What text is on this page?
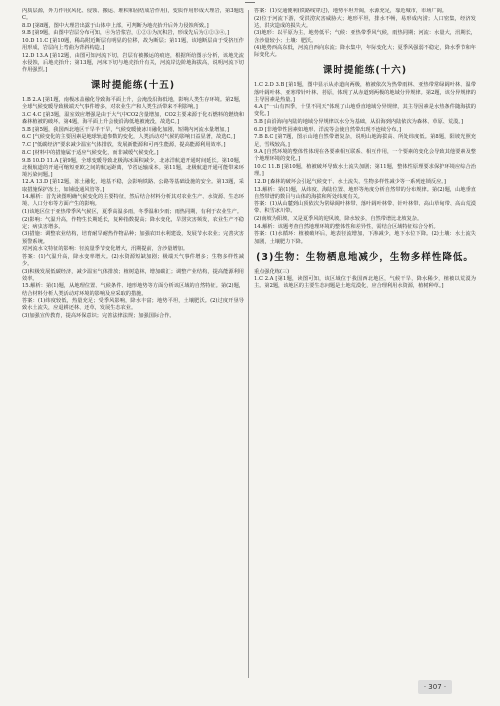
内质层源，外力作用(风化、侵蚀、搬运、堆积和固结成岩作用)，变质作用形成大理岩，第3题选C。

8.D [第8题，图中大理岩出露于山体中上部，可判断为地壳抬升后外力侵蚀所致。]

9.B [第9题，由图中岩层分布可知，④为岩浆岩，①②③为沉积岩，形成先后为①②③④。]

10.D 11.C [第10题，稀岛附近断层有明显的位移，故为断层；第11题，该地断层由于受挤压作用形成，岩层向上弯曲为背斜构造。]

12.D 13.A [第12题，由图可知河流下切，岩层有被搬运的痕迹，根据所给图示分析，该地先流水侵蚀，后地壳抬升；第13题，河床下切与地壳抬升有关，河流岸边阶地海拔高，说明河流下切作用强烈。]

课时提能练(十五)

1.B 2.A [第1题，南极冰盖融化导致海平面上升，会淹没沿海低地，影响人类生存环境。第2题，全球气候变暖导致极端天气事件增多，对农业生产和人类生活带来不利影响。]

3.C 4.C [第3题，温室效应增强是由于大气中CO2含量增加，CO2主要来源于化石燃料的燃烧和森林植被的破坏。第4题，海平面上升会使沿海低地被淹没，故选C。]

5.B [第5题，我国西北地区干旱半干旱，气候变暖使冰川融化加剧，短期内河流水量增加。]

6.C [气候变化的主要因素是地球轨道参数的变化，人类活动对气候的影响日益显著，故选C。]

7.C ["低碳经济"要求减少温室气体排放，发展新能源和可再生能源，提高能源利用效率。]

8.C [材料中的措施属于适应气候变化，而非减缓气候变化。]

9.B 10.D 11.A [第9题，全球变暖导致北极海冰面积减少，北冰洋航道开通时间延长。第10题，北极航道的开通可缩短亚欧之间的航运距离，节省运输成本。第11题，北极航道开通可能带来环境污染问题。]

12.A 13.D [第12题，冻土融化，地基不稳，会影响铁路、公路等基础设施的安全。第13题，采取措施保护冻土，如铺设通风管等。]

14.解析：首先读图明确气候变化的主要特征，然后结合材料分析其对农业生产、水资源、生态环境、人口分布等方面产生的影响。

(1)该地区位于亚热带季风气候区，夏季高温多雨，冬季温和少雨；雨热同期，有利于农业生产。

(2)影响：气温升高，作物生长期延长，复种指数提高；降水变化，旱涝灾害频发，农业生产不稳定；病虫害增多。

(3)措施：调整农业结构，培育耐旱耐热作物品种；加强农田水利建设，发展节水农业；完善灾害预警系统。

对河流水文特征的影响：径流量季节变化增大，汛期提前，含沙量增加。

答案：(1)气温升高，降水变率增大。(2)水资源短缺加剧；极端天气事件增多；生物多样性减少。

(3)积极发展低碳经济，减少温室气体排放；植树造林，增加碳汇；调整产业结构，提高能源利用效率。

15.解析：第(1)题，从地理位置、气候条件、地形地势等方面分析该区域的自然特征。第(2)题，结合材料分析人类活动对环境的影响及应采取的措施。

答案：(1)纬度较低，热量充足；受季风影响，降水丰富；地势平坦，土壤肥沃。(2)过度开垦导致水土流失，应退耕还林、还草，发展生态农业。

(3)加强宣传教育，提高环保意识；完善法律法规；加强国际合作。

答案：(1)交通便利(铁路线穿过)，地势平坦开阔，水源充足，靠近城市，市场广阔。

(2)位于河流下游，受洪涝灾害威胁大；地形平坦，排水不畅，易形成内涝；人口密集，经济发达，洪灾造成的损失大。

(3)地形：以平原为主，地势低平；气候：亚热带季风气候，雨热同期；河流：水量大，汛期长，含沙量较小；土壤：肥沃。

(4)地势西高东低，河流自西向东流；降水集中，年际变化大；夏季风强弱不稳定，降水季节和年际变化大。

课时提能练(十六)

1.C 2.D 3.B [第1题，图中显示从赤道向两极，植被依次为热带雨林、亚热带常绿阔叶林、温带落叶阔叶林、亚寒带针叶林、苔原，体现了从赤道到两极的地域分异规律。第2题，该分异规律的主导因素是热量。]

4.A ["一山有四季，十里不同天"体现了山地垂直地域分异规律，其主导因素是水热条件随海拔的变化。]

5.B [由沿海向内陆的地域分异规律以水分为基础，从沿海到内陆依次为森林、草原、荒漠。]

6.D [非地带性因素如地形、洋流等会使自然带出现不连续分布。]

7.B 8.C [第7题，图示山地自然带谱复杂，说明山地海拔高、所处纬度低。第8题，阳坡光照充足，雪线较高。]

9.A [自然环境的整体性体现在各要素相互联系、相互作用，一个要素的变化会导致其他要素及整个地理环境的变化。]

10.C 11.B [第10题，植被破坏导致水土流失加剧；第11题，整体性原理要求保护环境应综合治理。]

12.D [森林的破坏会引起气候变干、水土流失、生物多样性减少等一系列连锁反应。]

13.解析：第(1)题，从纬度、海陆位置、地形等角度分析自然带的分布规律。第(2)题，山地垂直自然带谱的数目与山体的海拔和所处纬度有关。

答案：(1)从山麓到山顶依次为常绿阔叶林带、落叶阔叶林带、针叶林带、高山草甸带、高山荒漠带、积雪冰川带。

(2)南坡为阳坡，又是夏季风的迎风坡，降水较多，自然带谱比北坡复杂。

14.解析：该题考查自然地理环境的整体性和差异性，需结合区域特征综合分析。

答案：(1)水循环：植被破坏后，地表径流增加，下渗减少，地下水位下降。(2)土壤：水土流失加剧，土壤肥力下降。

(3)生物：生物栖息地减少，生物多样性降低。

重点强化练(三)

1.C 2.A [第1题，读图可知，该区域位于我国西北地区，气候干旱，降水稀少，植被以荒漠为主。第2题，该地区的主要生态问题是土地荒漠化，应合理利用水资源，植树种草。]

· 307 ·
